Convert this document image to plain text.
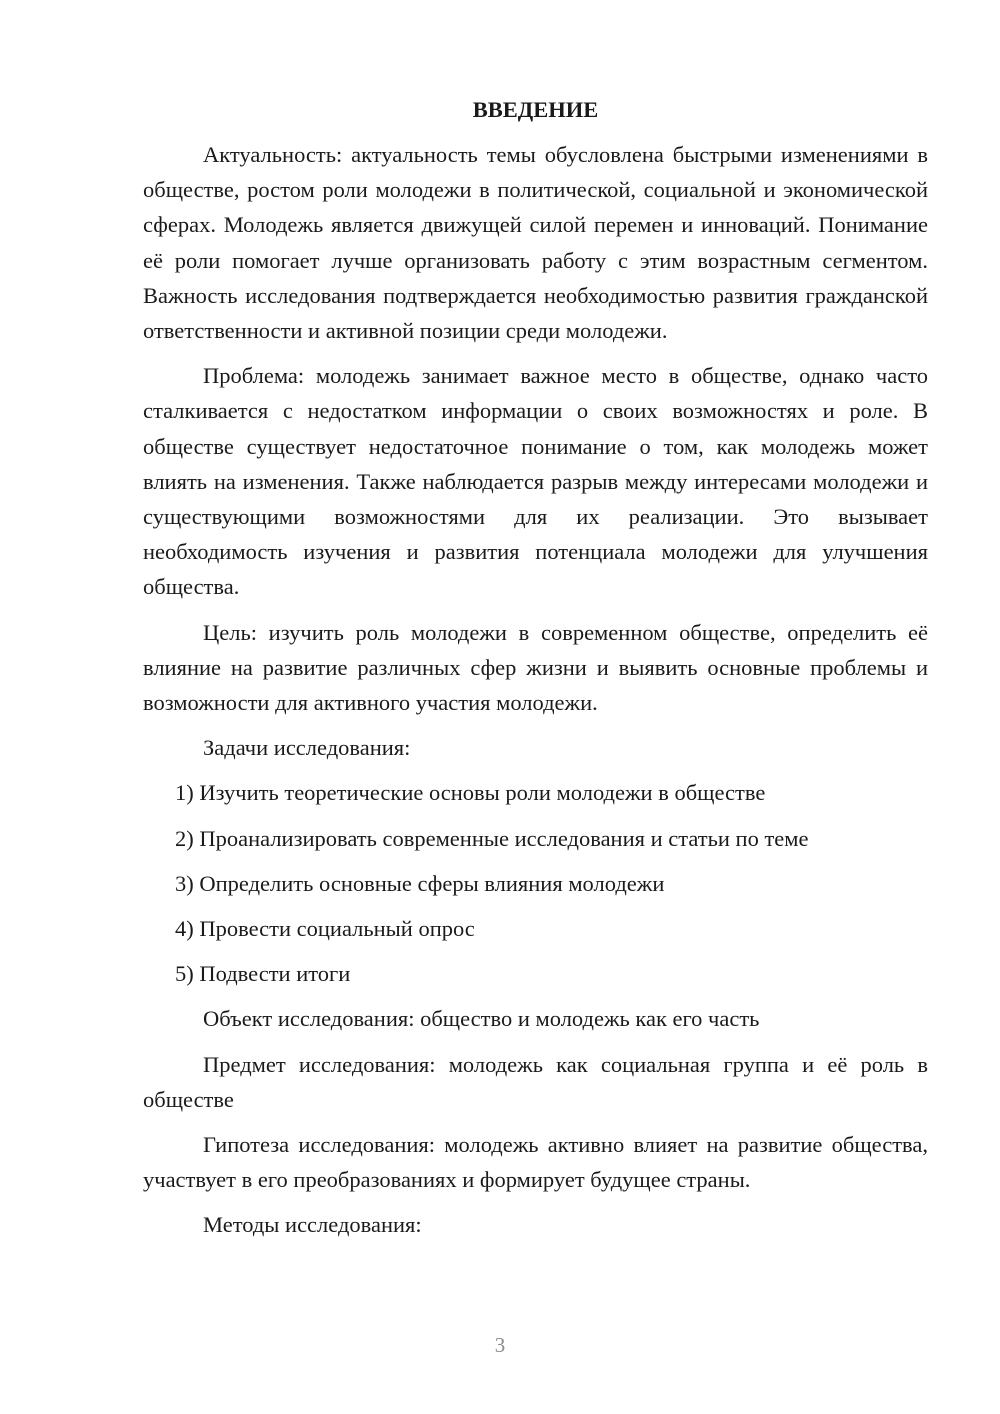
ВВЕДЕНИЕ

Актуальность: актуальность темы обусловлена быстрыми изменениями в обществе, ростом роли молодежи в политической, социальной и экономической сферах. Молодежь является движущей силой перемен и инноваций. Понимание её роли помогает лучше организовать работу с этим возрастным сегментом. Важность исследования подтверждается необходимостью развития гражданской ответственности и активной позиции среди молодежи.

Проблема: молодежь занимает важное место в обществе, однако часто сталкивается с недостатком информации о своих возможностях и роле. В обществе существует недостаточное понимание о том, как молодежь может влиять на изменения. Также наблюдается разрыв между интересами молодежи и существующими возможностями для их реализации. Это вызывает необходимость изучения и развития потенциала молодежи для улучшения общества.

Цель: изучить роль молодежи в современном обществе, определить её влияние на развитие различных сфер жизни и выявить основные проблемы и возможности для активного участия молодежи.

Задачи исследования:

1) Изучить теоретические основы роли молодежи в обществе

2) Проанализировать современные исследования и статьи по теме

3) Определить основные сферы влияния молодежи

4) Провести социальный опрос

5) Подвести итоги

Объект исследования: общество и молодежь как его часть

Предмет исследования: молодежь как социальная группа и её роль в обществе

Гипотеза исследования: молодежь активно влияет на развитие общества, участвует в его преобразованиях и формирует будущее страны.

Методы исследования:

3
